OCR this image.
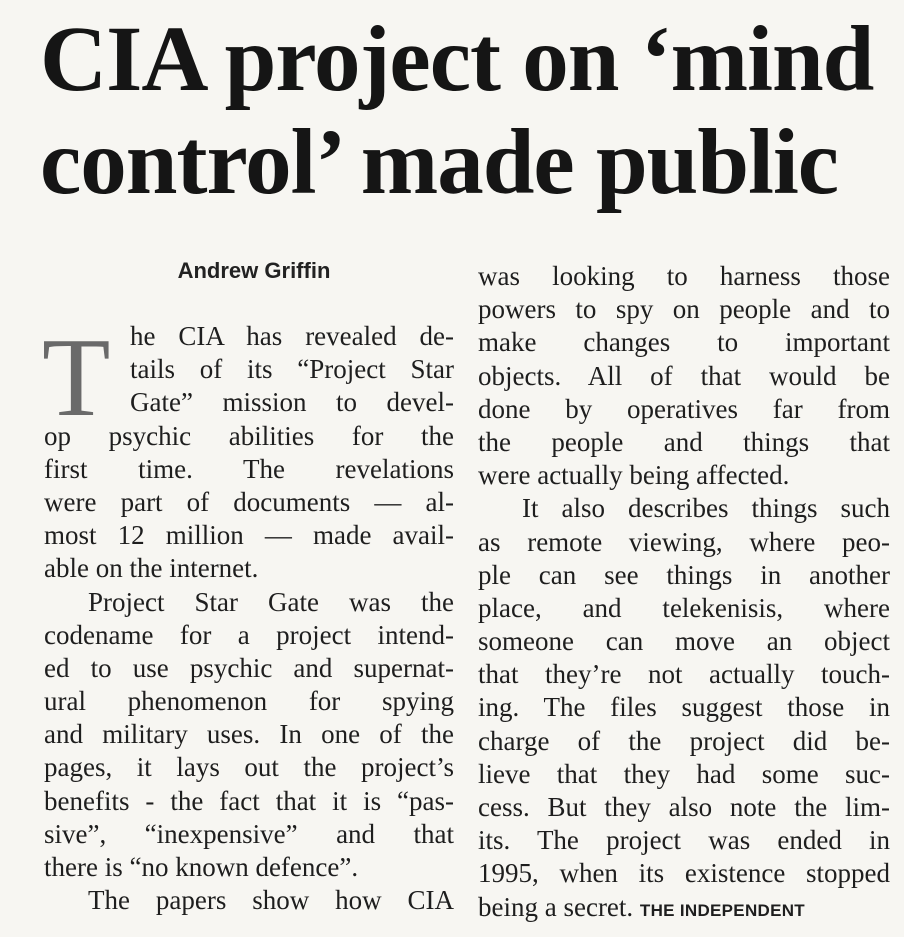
CIA project on ‘mind
control’ made public
Andrew Griffin
T he CIA has revealed de-
tails of its “Project Star
Gate” mission to devel-
op psychic abilities for the
first time. The revelations
were part of documents — al-
most 12 million — made avail-
able on the internet.
Project Star Gate was the
codename for a project intend-
ed to use psychic and supernat-
ural phenomenon for spying
and military uses. In one of the
pages, it lays out the project’s
benefits - the fact that it is “pas-
sive”, “inexpensive” and that
there is “no known defence”.
The papers show how CIA
was looking to harness those
powers to spy on people and to
make changes to important
objects. All of that would be
done by operatives far from
the people and things that
were actually being affected.
It also describes things such
as remote viewing, where peo-
ple can see things in another
place, and telekenisis, where
someone can move an object
that they’re not actually touch-
ing. The files suggest those in
charge of the project did be-
lieve that they had some suc-
cess. But they also note the lim-
its. The project was ended in
1995, when its existence stopped
being a secret. THE INDEPENDENT
